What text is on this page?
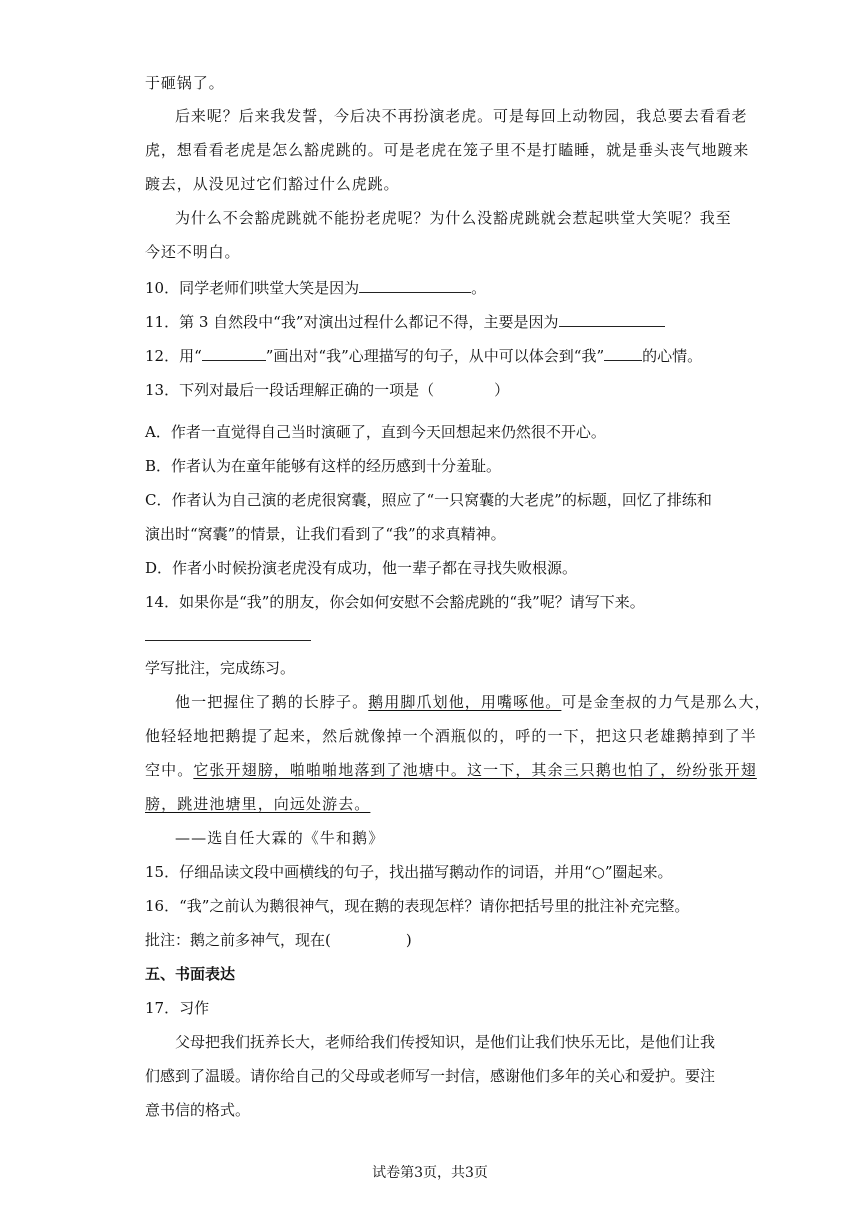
于砸锅了。
后来呢？后来我发誓，今后决不再扮演老虎。可是每回上动物园，我总要去看看老
虎，想看看老虎是怎么豁虎跳的。可是老虎在笼子里不是打瞌睡，就是垂头丧气地踱来
踱去，从没见过它们豁过什么虎跳。
为什么不会豁虎跳就不能扮老虎呢？为什么没豁虎跳就会惹起哄堂大笑呢？我至
今还不明白。
10．同学老师们哄堂大笑是因为	。
11．第 3 自然段中“我”对演出过程什么都记不得，主要是因为
12．用“	”画出对“我”心理描写的句子，从中可以体会到“我”	的心情。
13．下列对最后一段话理解正确的一项是（　　　　）
A．作者一直觉得自己当时演砸了，直到今天回想起来仍然很不开心。
B．作者认为在童年能够有这样的经历感到十分羞耻。
C．作者认为自己演的老虎很窝囊，照应了“一只窝囊的大老虎”的标题，回忆了排练和
演出时“窝囊”的情景，让我们看到了“我”的求真精神。
D．作者小时候扮演老虎没有成功，他一辈子都在寻找失败根源。
14．如果你是“我”的朋友，你会如何安慰不会豁虎跳的“我”呢？请写下来。
学写批注，完成练习。
他一把握住了鹅的长脖子。鹅用脚爪划他，用嘴啄他。可是金奎叔的力气是那么大，
他轻轻地把鹅提了起来，然后就像掉一个酒瓶似的，呼的一下，把这只老雄鹅掉到了半
空中。它张开翅膀，啪啪啪地落到了池塘中。这一下，其余三只鹅也怕了，纷纷张开翅
膀，跳进池塘里，向远处游去。
——选自任大霖的《牛和鹅》
15．仔细品读文段中画横线的句子，找出描写鹅动作的词语，并用“○”圈起来。
16．“我”之前认为鹅很神气，现在鹅的表现怎样？请你把括号里的批注补充完整。
批注：鹅之前多神气，现在(　　　　　)
五、书面表达
17．习作
父母把我们抚养长大，老师给我们传授知识，是他们让我们快乐无比，是他们让我
们感到了温暖。请你给自己的父母或老师写一封信，感谢他们多年的关心和爱护。要注
意书信的格式。
试卷第3页，共3页
